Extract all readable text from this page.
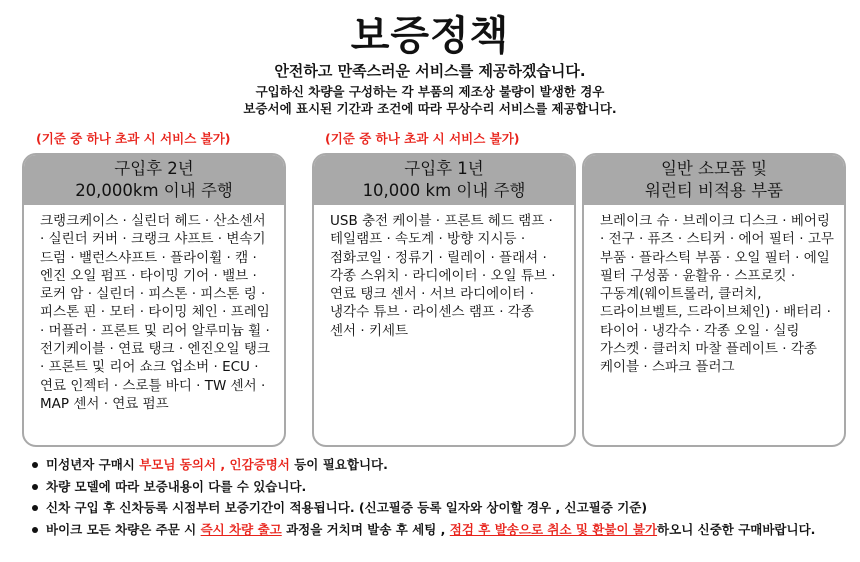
보증정책
안전하고 만족스러운 서비스를 제공하겠습니다.
구입하신 차량을 구성하는 각 부품의 제조상 불량이 발생한 경우
보증서에 표시된 기간과 조건에 따라 무상수리 서비스를 제공합니다.
(기준 중 하나 초과 시 서비스 불가)	(기준 중 하나 초과 시 서비스 불가)
구입후 2년
20,000km 이내 주행
크랭크케이스 · 실린더 헤드 · 산소센서 · 실린더 커버 · 크랭크 샤프트 · 변속기 드럼 · 밸런스샤프트 · 플라이휠 · 캠 · 엔진 오일 펌프 · 타이밍 기어 · 밸브 · 로커 암 · 실린더 · 피스톤 · 피스톤 링 · 피스톤 핀 · 모터 · 타이밍 체인 · 프레임 · 머플러 · 프론트 및 리어 알루미늄 휠 · 전기케이블 · 연료 탱크 · 엔진오일 탱크 · 프론트 및 리어 쇼크 업소버 · ECU · 연료 인젝터 · 스로틀 바디 · TW 센서 · MAP 센서 · 연료 펌프
구입후 1년
10,000 km 이내 주행
USB 충전 케이블 · 프론트 헤드 램프 · 테일램프 · 속도계 · 방향 지시등 · 점화코일 · 정류기 · 릴레이 · 플래셔 · 각종 스위치 · 라디에이터 · 오일 튜브 · 연료 탱크 센서 · 서브 라디에이터 · 냉각수 튜브 · 라이센스 램프 · 각종 센서 · 키세트
일반 소모품 및
워런티 비적용 부품
브레이크 슈 · 브레이크 디스크 · 베어링 · 전구 · 퓨즈 · 스티커 · 에어 필터 · 고무 부품 · 플라스틱 부품 · 오일 필터 · 에일 필터 구성품 · 윤활유 · 스프로킷 · 구동계(웨이트롤러, 클러치, 드라이브벨트, 드라이브체인) · 배터리 · 타이어 · 냉각수 · 각종 오일 · 실링 가스켓 · 클러치 마찰 플레이트 · 각종 케이블 · 스파크 플러그
미성년자 구매시 부모님 동의서 , 인감증명서 등이 필요합니다.
차량 모델에 따라 보증내용이 다를 수 있습니다.
신차 구입 후 신차등록 시점부터 보증기간이 적용됩니다. (신고필증 등록 일자와 상이할 경우 , 신고필증 기준)
바이크 모든 차량은 주문 시 즉시 차량 출고 과정을 거치며 발송 후 세팅 , 점검 후 발송으로 취소 및 환불이 불가하오니 신중한 구매바랍니다.
